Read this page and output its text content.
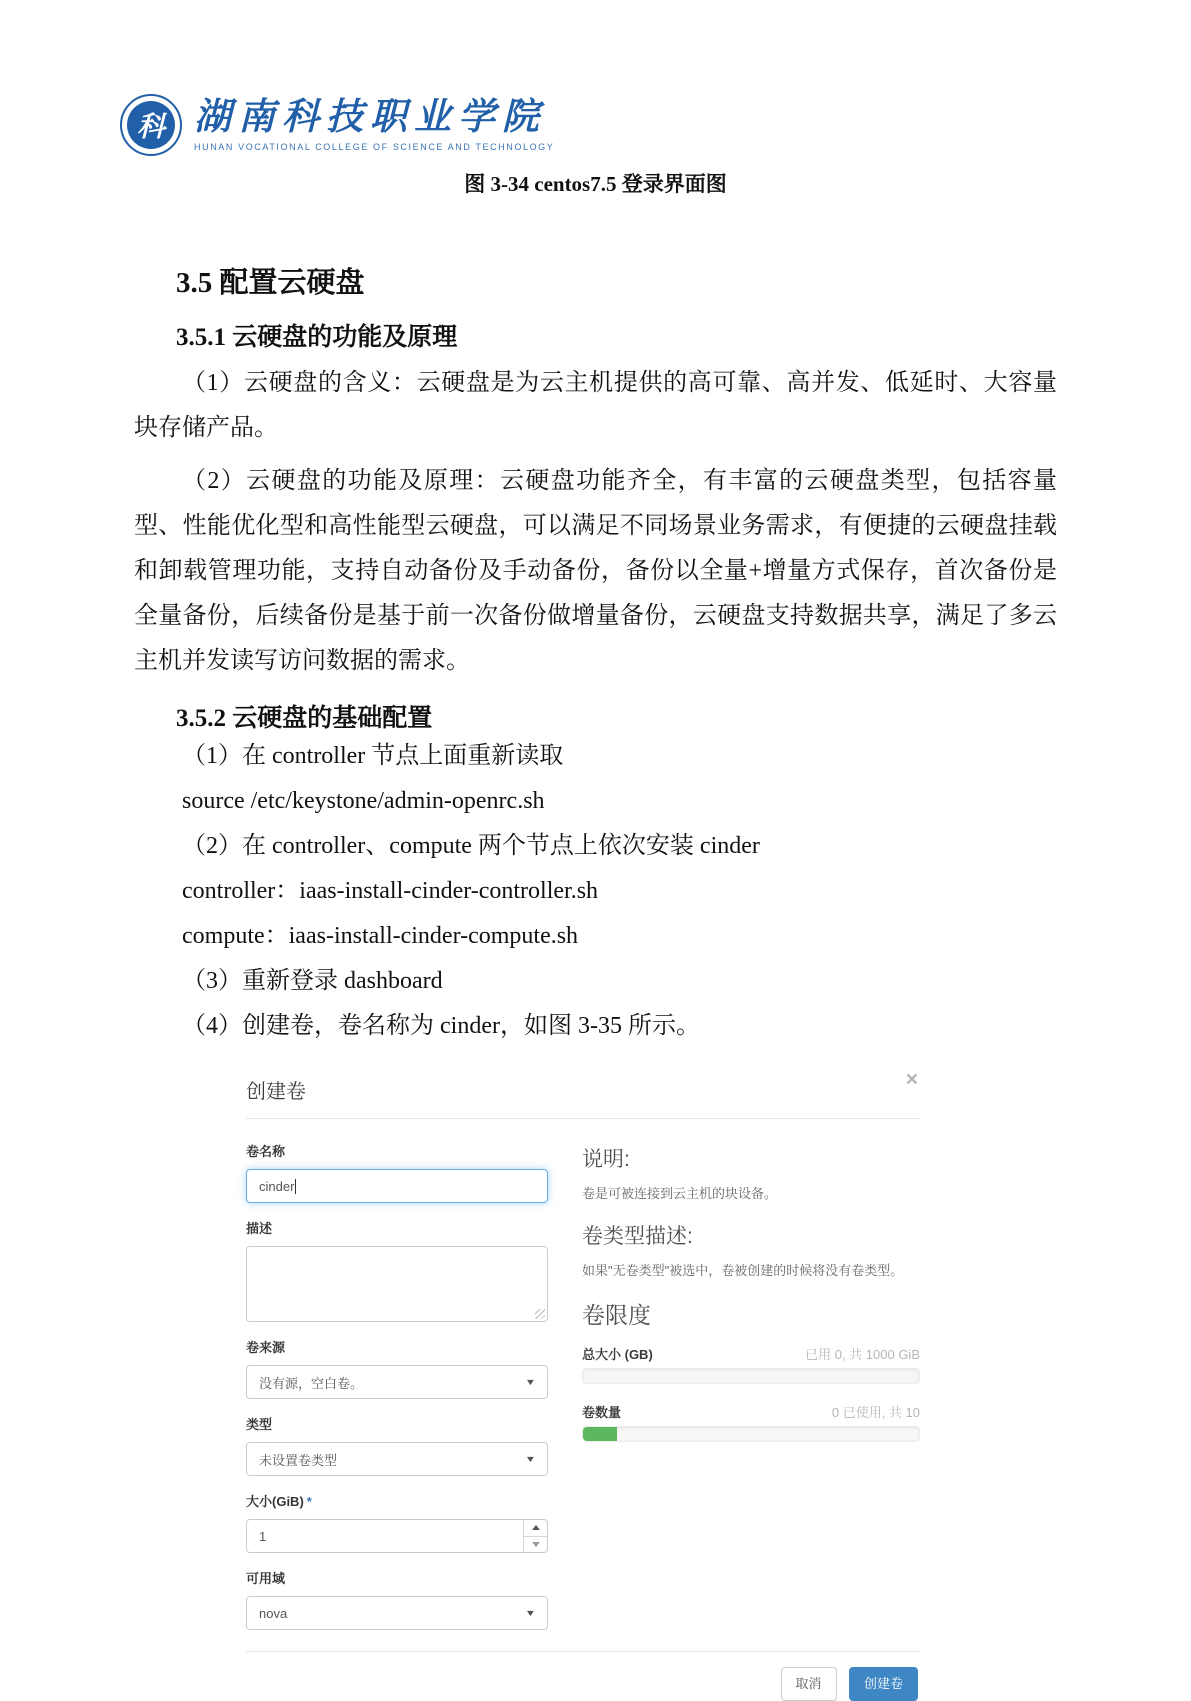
科 湖南科技职业学院
HUNAN VOCATIONAL COLLEGE OF SCIENCE AND TECHNOLOGY
图 3-34 centos7.5 登录界面图
3.5 配置云硬盘
3.5.1 云硬盘的功能及原理

（1）云硬盘的含义：云硬盘是为云主机提供的高可靠、高并发、低延时、大容量块存储产品。

（2）云硬盘的功能及原理：云硬盘功能齐全，有丰富的云硬盘类型，包括容量型、性能优化型和高性能型云硬盘，可以满足不同场景业务需求，有便捷的云硬盘挂载和卸载管理功能，支持自动备份及手动备份，备份以全量+增量方式保存，首次备份是全量备份，后续备份是基于前一次备份做增量备份，云硬盘支持数据共享，满足了多云主机并发读写访问数据的需求。

3.5.2 云硬盘的基础配置

（1）在 controller 节点上面重新读取

source /etc/keystone/admin-openrc.sh

（2）在 controller、compute 两个节点上依次安装 cinder

controller：iaas-install-cinder-controller.sh

compute：iaas-install-cinder-compute.sh

（3）重新登录 dashboard

（4）创建卷，卷名称为 cinder，如图 3-35 所示。

创建卷
×
卷名称
cinder
描述
卷来源
没有源，空白卷。	▼
类型
未设置卷类型	▼
大小(GiB) *
1
可用域
nova	▼
说明:
卷是可被连接到云主机的块设备。
卷类型描述:
如果"无卷类型"被选中，卷被创建的时候将没有卷类型。
卷限度
总大小 (GB)	已用 0, 共 1000 GiB
卷数量	0 已使用, 共 10
取消	创建卷
